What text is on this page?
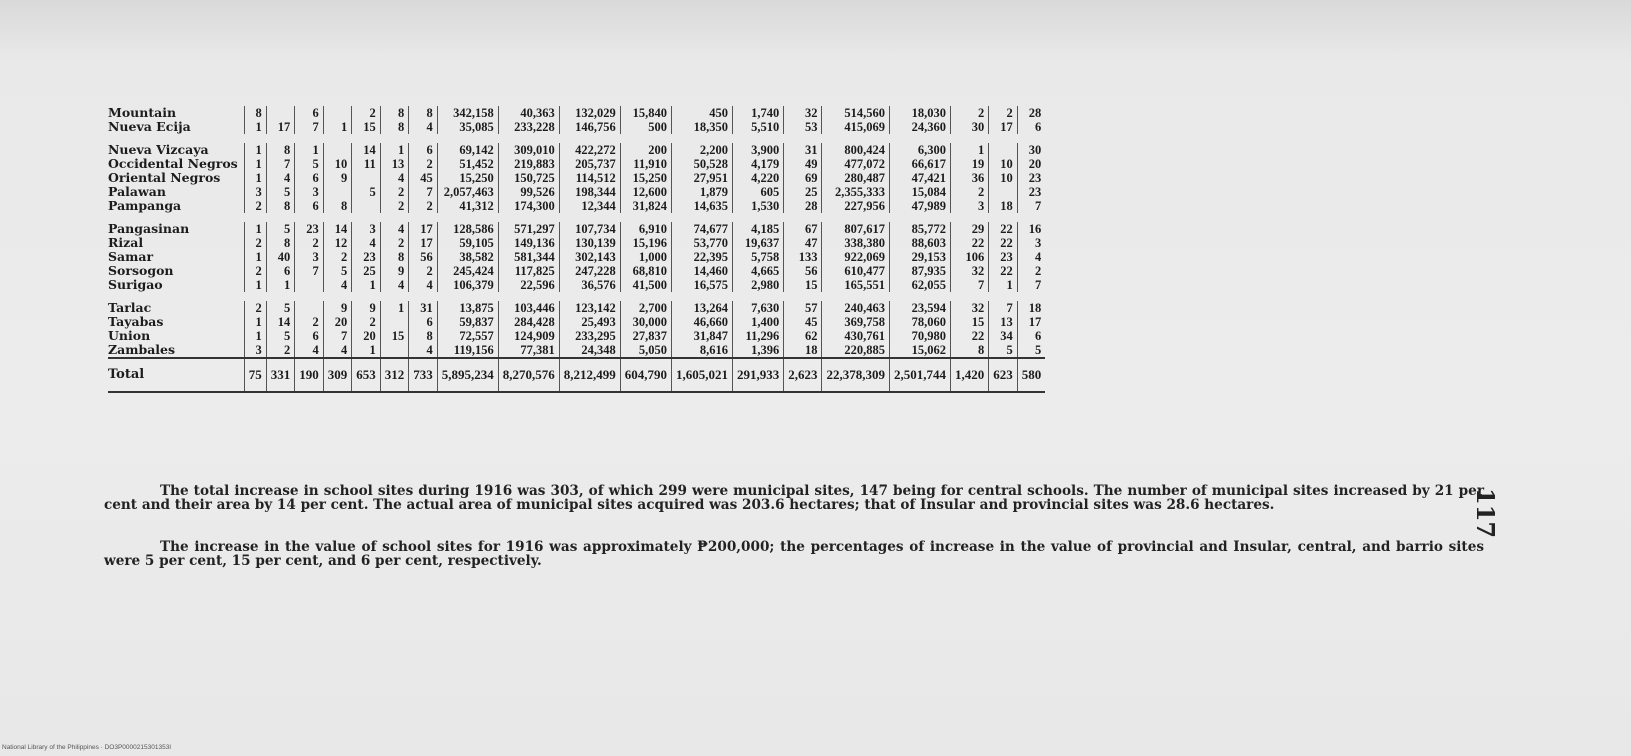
Mountain	8		6		2	8	8	342,158	40,363	132,029	15,840	450	1,740	32	514,560	18,030	2	2	28
Nueva Ecija	1	17	7	1	15	8	4	35,085	233,228	146,756	500	18,350	5,510	53	415,069	24,360	30	17	6

Nueva Vizcaya	1	8	1		14	1	6	69,142	309,010	422,272	200	2,200	3,900	31	800,424	6,300	1		30
Occidental Negros	1	7	5	10	11	13	2	51,452	219,883	205,737	11,910	50,528	4,179	49	477,072	66,617	19	10	20
Oriental Negros	1	4	6	9		4	45	15,250	150,725	114,512	15,250	27,951	4,220	69	280,487	47,421	36	10	23
Palawan	3	5	3		5	2	7	2,057,463	99,526	198,344	12,600	1,879	605	25	2,355,333	15,084	2		23
Pampanga	2	8	6	8		2	2	41,312	174,300	12,344	31,824	14,635	1,530	28	227,956	47,989	3	18	7

Pangasinan	1	5	23	14	3	4	17	128,586	571,297	107,734	6,910	74,677	4,185	67	807,617	85,772	29	22	16
Rizal	2	8	2	12	4	2	17	59,105	149,136	130,139	15,196	53,770	19,637	47	338,380	88,603	22	22	3
Samar	1	40	3	2	23	8	56	38,582	581,344	302,143	1,000	22,395	5,758	133	922,069	29,153	106	23	4
Sorsogon	2	6	7	5	25	9	2	245,424	117,825	247,228	68,810	14,460	4,665	56	610,477	87,935	32	22	2
Surigao	1	1		4	1	4	4	106,379	22,596	36,576	41,500	16,575	2,980	15	165,551	62,055	7	1	7

Tarlac	2	5		9	9	1	31	13,875	103,446	123,142	2,700	13,264	7,630	57	240,463	23,594	32	7	18
Tayabas	1	14	2	20	2		6	59,837	284,428	25,493	30,000	46,660	1,400	45	369,758	78,060	15	13	17
Union	1	5	6	7	20	15	8	72,557	124,909	233,295	27,837	31,847	11,296	62	430,761	70,980	22	34	6
Zambales	3	2	4	4	1		4	119,156	77,381	24,348	5,050	8,616	1,396	18	220,885	15,062	8	5	5
Total	75	331	190	309	653	312	733	5,895,234	8,270,576	8,212,499	604,790	1,605,021	291,933	2,623	22,378,309	2,501,744	1,420	623	580

The total increase in school sites during 1916 was 303, of which 299 were municipal sites, 147 being for central schools. The number of municipal sites increased by 21 per cent and their area by 14 per cent. The actual area of municipal sites acquired was 203.6 hectares; that of Insular and provincial sites was 28.6 hectares.

The increase in the value of school sites for 1916 was approximately ₱200,000; the percentages of increase in the value of provincial and Insular, central, and barrio sites were 5 per cent, 15 per cent, and 6 per cent, respectively.

117
National Library of the Philippines · DO3P0000215301353I
